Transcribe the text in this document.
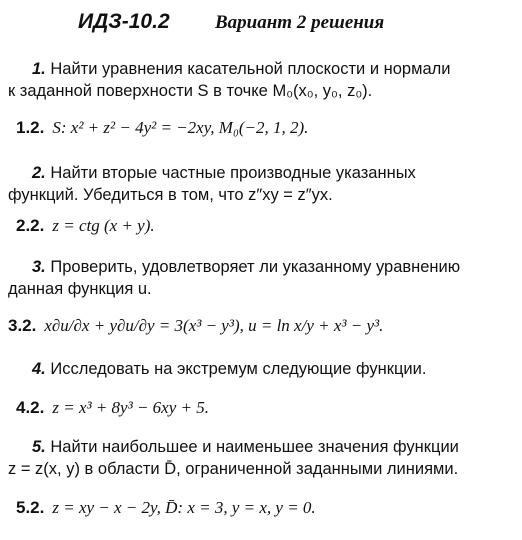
ИДЗ-10.2 Вариант 2 решения
1. Найти уравнения касательной плоскости и нормали
к заданной поверхности S в точке M₀(x₀, y₀, z₀).
1.2. S: x² + z² − 4y² = −2xy, M₀(−2, 1, 2).
2. Найти вторые частные производные указанных
функций. Убедиться в том, что z″xy = z″yx.
2.2. z = ctg (x + y).
3. Проверить, удовлетворяет ли указанному уравнению
данная функция u.
3.2. x∂u/∂x + y∂u/∂y = 3(x³ − y³), u = ln x/y + x³ − y³.
4. Исследовать на экстремум следующие функции.
4.2. z = x³ + 8y³ − 6xy + 5.
5. Найти наибольшее и наименьшее значения функции
z = z(x, y) в области D̄, ограниченной заданными линиями.
5.2. z = xy − x − 2y, D̄: x = 3, y = x, y = 0.
